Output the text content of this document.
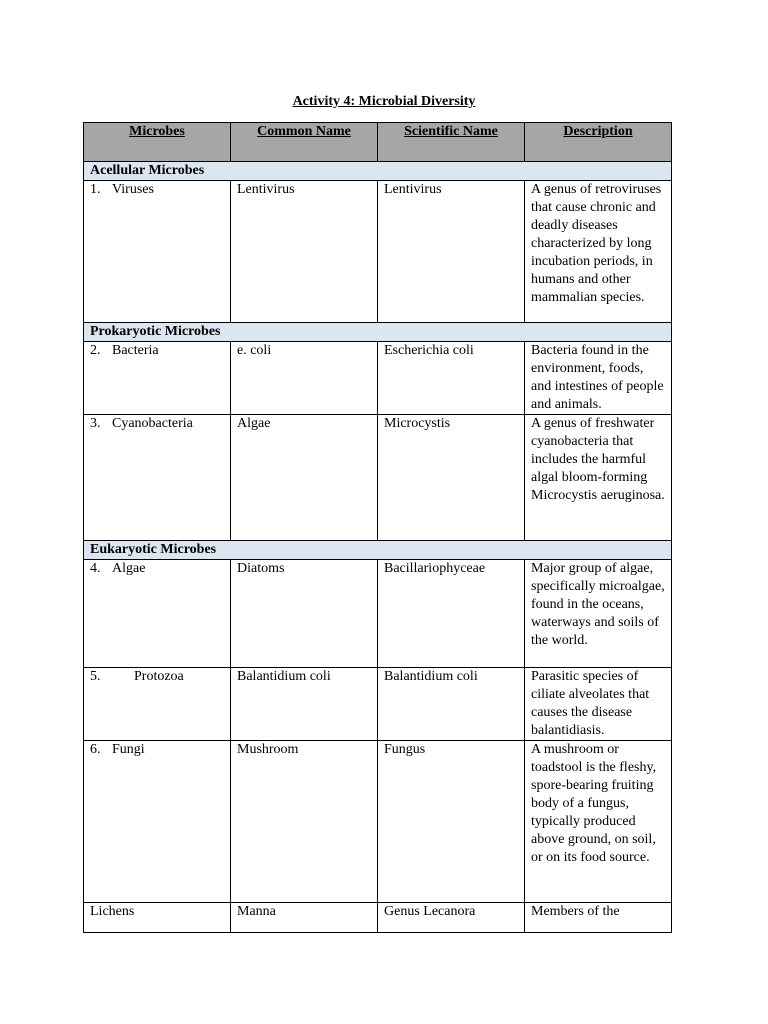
Activity 4: Microbial Diversity
Microbes	Common Name	Scientific Name	Description
Acellular Microbes			
1. Viruses	Lentivirus	Lentivirus	A genus of retroviruses that cause chronic and deadly diseases characterized by long incubation periods, in humans and other mammalian species.
Prokaryotic Microbes			
2. Bacteria	e. coli	Escherichia coli	Bacteria found in the environment, foods, and intestines of people and animals.
3. Cyanobacteria	Algae	Microcystis	A genus of freshwater cyanobacteria that includes the harmful algal bloom-forming Microcystis aeruginosa.
Eukaryotic Microbes			
4. Algae	Diatoms	Bacillariophyceae	Major group of algae, specifically microalgae, found in the oceans, waterways and soils of the world.
5. Protozoa	Balantidium coli	Balantidium coli	Parasitic species of ciliate alveolates that causes the disease balantidiasis.
6. Fungi	Mushroom	Fungus	A mushroom or toadstool is the fleshy, spore-bearing fruiting body of a fungus, typically produced above ground, on soil, or on its food source.
Lichens	Manna	Genus Lecanora	Members of the
